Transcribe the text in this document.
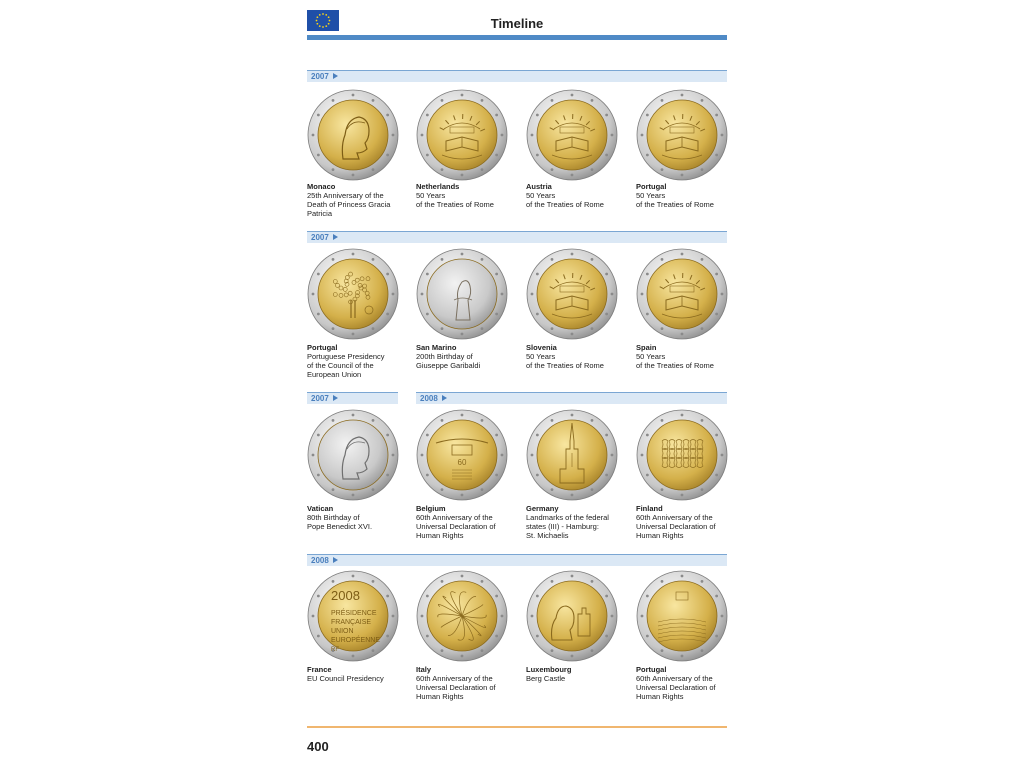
Timeline
2007
Monaco
25th Anniversary of the
Death of Princess Gracia
Patricia
Netherlands
50 Years
of the Treaties of Rome
Austria
50 Years
of the Treaties of Rome
Portugal
50 Years
of the Treaties of Rome
2007
Portugal
Portuguese Presidency
of the Council of the
European Union
San Marino
200th Birthday of
Giuseppe Garibaldi
Slovenia
50 Years
of the Treaties of Rome
Spain
50 Years
of the Treaties of Rome
2007	2008
Vatican
80th Birthday of
Pope Benedict XVI.
60
Belgium
60th Anniversary of the
Universal Declaration of
Human Rights
Germany
Landmarks of the federal
states (III) - Hamburg:
St. Michaelis
Finland
60th Anniversary of the
Universal Declaration of
Human Rights
2008
2008
PRÉSIDENCE
FRANÇAISE
UNION
EUROPÉENNE
RF
France
EU Council Presidency
Italy
60th Anniversary of the
Universal Declaration of
Human Rights
Luxembourg
Berg Castle
Portugal
60th Anniversary of the
Universal Declaration of
Human Rights
400
